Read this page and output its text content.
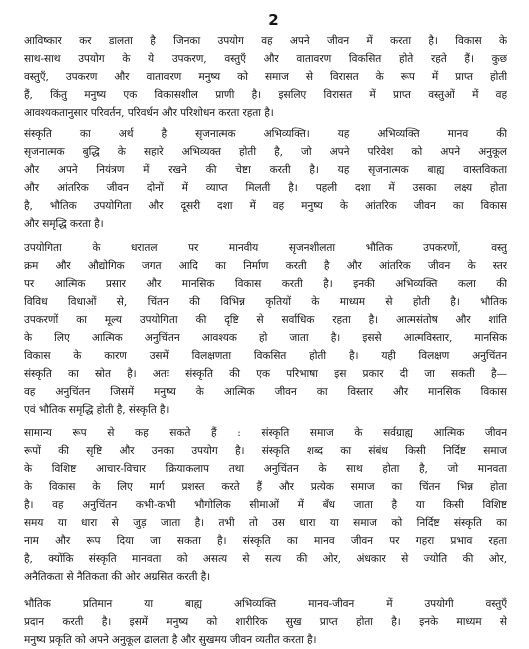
2
आविष्कार कर डालता है जिनका उपयोग वह अपने जीवन में करता है। विकास के
साथ-साथ उपयोग के ये उपकरण, वस्तुएँ और वातावरण विकसित होते रहते हैं। कुछ
वस्तुएँ, उपकरण और वातावरण मनुष्य को समाज से विरासत के रूप में प्राप्त होती
हैं, किंतु मनुष्य एक विकासशील प्राणी है। इसलिए विरासत में प्राप्त वस्तुओं में वह
आवश्यकतानुसार परिवर्तन, परिवर्धन और परिशोधन करता रहता है।
संस्कृति का अर्थ है सृजनात्मक अभिव्यक्ति। यह अभिव्यक्ति मानव की
सृजनात्मक बुद्धि के सहारे अभिव्यक्त होती है, जो अपने परिवेश को अपने अनुकूल
और अपने नियंत्रण में रखने की चेष्टा करती है। यह सृजनात्मक बाह्य वास्तविकता
और आंतरिक जीवन दोनों में व्याप्त मिलती है। पहली दशा में उसका लक्ष्य होता
है, भौतिक उपयोगिता और दूसरी दशा में वह मनुष्य के आंतरिक जीवन का विकास
और समृद्धि करता है।
उपयोगिता के धरातल पर मानवीय सृजनशीलता भौतिक उपकरणों, वस्तु
क्रम और औद्योगिक जगत आदि का निर्माण करती है और आंतरिक जीवन के स्तर
पर आत्मिक प्रसार और मानसिक विकास करती है। इनकी अभिव्यक्ति कला की
विविध विधाओं से, चिंतन की विभिन्न कृतियों के माध्यम से होती है। भौतिक
उपकरणों का मूल्य उपयोगिता की दृष्टि से सर्वाधिक रहता है। आत्मसंतोष और शांति
के लिए आत्मिक अनुचिंतन आवश्यक हो जाता है। इससे आत्मविस्तार, मानसिक
विकास के कारण उसमें विलक्षणता विकसित होती है। यही विलक्षण अनुचिंतन
संस्कृति का स्रोत है। अतः संस्कृति की एक परिभाषा इस प्रकार दी जा सकती है—
वह अनुचिंतन जिसमें मनुष्य के आत्मिक जीवन का विस्तार और मानसिक विकास
एवं भौतिक समृद्धि होती है, संस्कृति है।
सामान्य रूप से कह सकते हैं : संस्कृति समाज के सर्वग्राह्य आत्मिक जीवन
रूपों की सृष्टि और उनका उपयोग है। संस्कृति शब्द का संबंध किसी निर्दिष्ट समाज
के विशिष्ट आचार-विचार क्रियाकलाप तथा अनुचिंतन के साथ होता है, जो मानवता
के विकास के लिए मार्ग प्रशस्त करते हैं और प्रत्येक समाज का चिंतन भिन्न होता
है। वह अनुचिंतन कभी-कभी भौगोलिक सीमाओं में बँध जाता है या किसी विशिष्ट
समय या धारा से जुड़ जाता है। तभी तो उस धारा या समाज को निर्दिष्ट संस्कृति का
नाम और रूप दिया जा सकता है। संस्कृति का मानव जीवन पर गहरा प्रभाव रहता
है, क्योंकि संस्कृति मानवता को असत्य से सत्य की ओर, अंधकार से ज्योति की ओर,
अनैतिकता से नैतिकता की ओर अग्रसित करती है।
भौतिक प्रतिमान या बाह्य अभिव्यक्ति मानव-जीवन में उपयोगी वस्तुएँ
प्रदान करती है। इसमें मनुष्य को शारीरिक सुख प्राप्त होता है। इनके माध्यम से
मनुष्य प्रकृति को अपने अनुकूल ढालता है और सुखमय जीवन व्यतीत करता है।
